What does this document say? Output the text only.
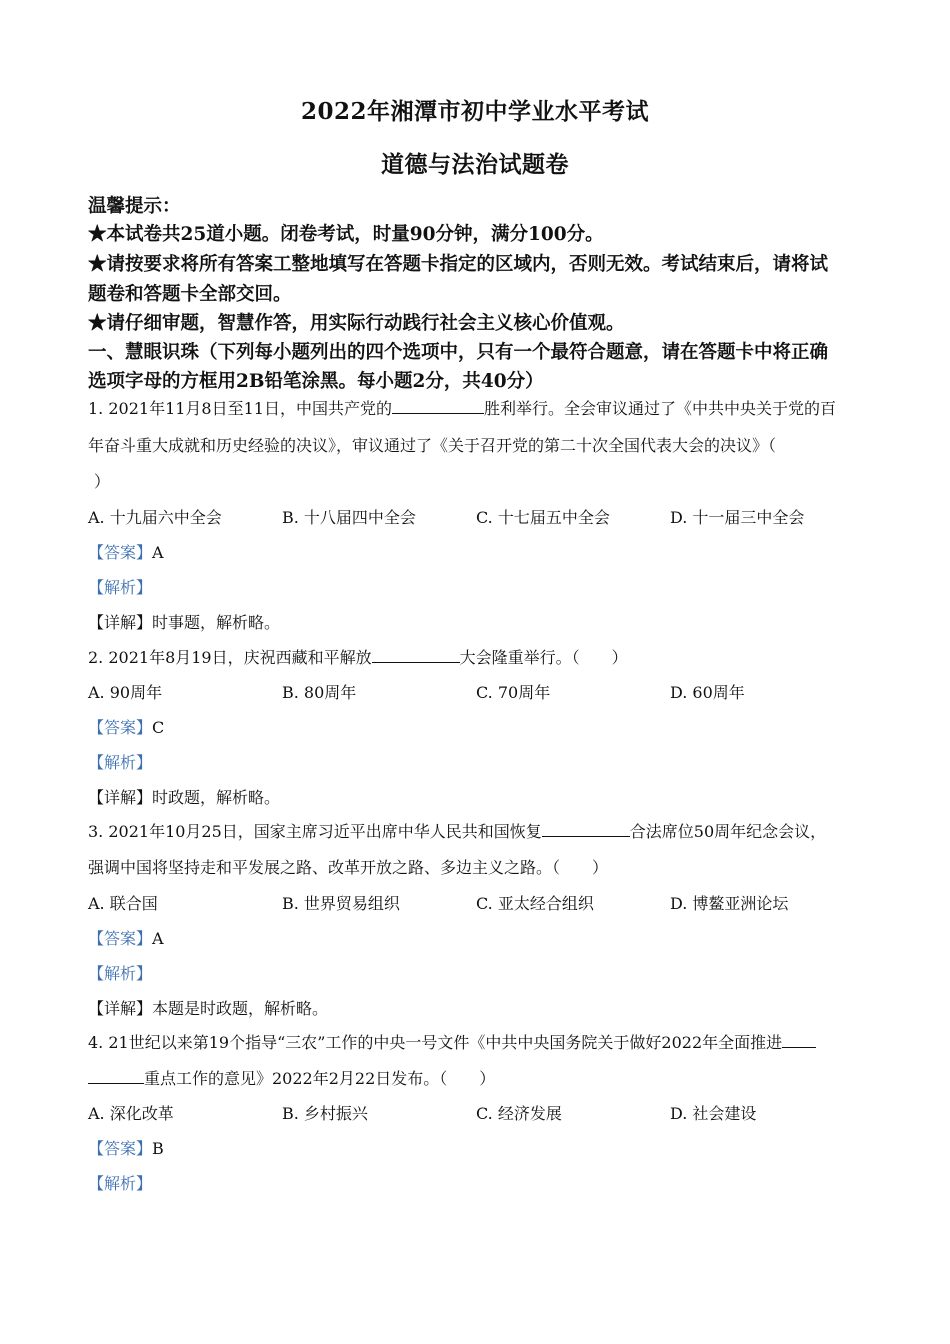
2022年湘潭市初中学业水平考试
道德与法治试题卷
温馨提示：
★本试卷共25道小题。闭卷考试，时量90分钟，满分100分。
★请按要求将所有答案工整地填写在答题卡指定的区域内，否则无效。考试结束后，请将试
题卷和答题卡全部交回。
★请仔细审题，智慧作答，用实际行动践行社会主义核心价值观。
一、慧眼识珠（下列每小题列出的四个选项中，只有一个最符合题意，请在答题卡中将正确
选项字母的方框用2B铅笔涂黑。每小题2分，共40分）
1. 2021年11月8日至11日，中国共产党的	胜利举行。全会审议通过了《中共中央关于党的百
年奋斗重大成就和历史经验的决议》，审议通过了《关于召开党的第二十次全国代表大会的决议》（
）
A. 十九届六中全会	B. 十八届四中全会	C. 十七届五中全会	D. 十一届三中全会
【答案】A
【解析】
【详解】时事题，解析略。
2. 2021年8月19日，庆祝西藏和平解放	大会隆重举行。（　　）
A. 90周年	B. 80周年	C. 70周年	D. 60周年
【答案】C
【解析】
【详解】时政题，解析略。
3. 2021年10月25日，国家主席习近平出席中华人民共和国恢复	合法席位50周年纪念会议，
强调中国将坚持走和平发展之路、改革开放之路、多边主义之路。（　　）
A. 联合国	B. 世界贸易组织	C. 亚太经合组织	D. 博鳌亚洲论坛
【答案】A
【解析】
【详解】本题是时政题，解析略。
4. 21世纪以来第19个指导“三农”工作的中央一号文件《中共中央国务院关于做好2022年全面推进
重点工作的意见》2022年2月22日发布。（　　）
A. 深化改革	B. 乡村振兴	C. 经济发展	D. 社会建设
【答案】B
【解析】
